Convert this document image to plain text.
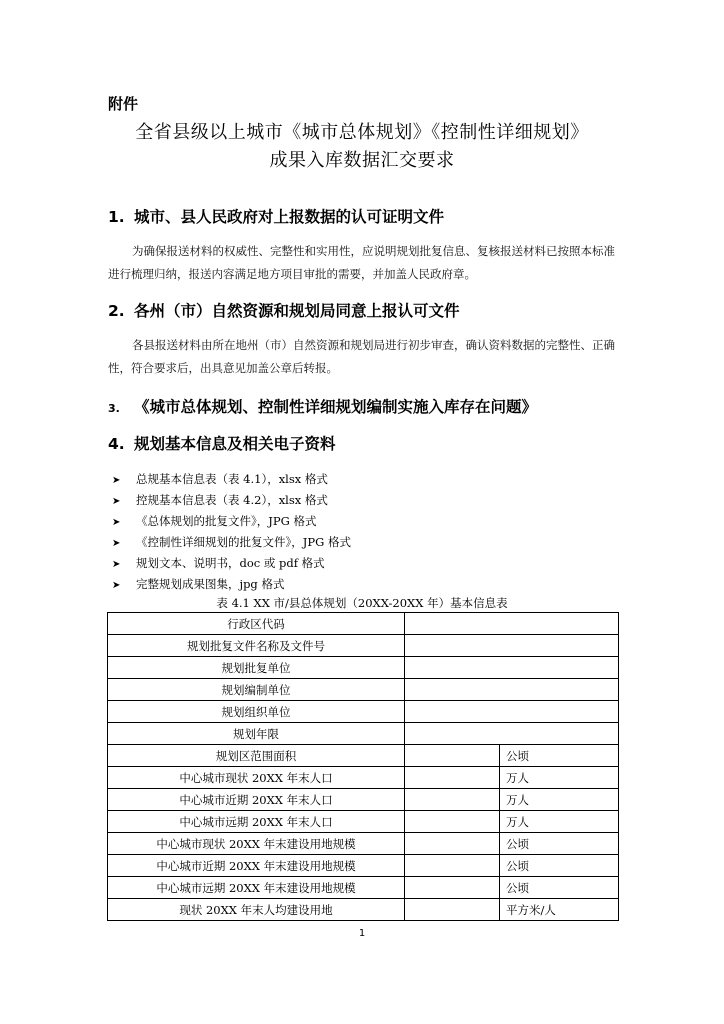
附件
全省县级以上城市《城市总体规划》《控制性详细规划》
成果入库数据汇交要求
1. 城市、县人民政府对上报数据的认可证明文件
为确保报送材料的权威性、完整性和实用性，应说明规划批复信息、复核报送材料已按照本标准进行梳理归纳，报送内容满足地方项目审批的需要，并加盖人民政府章。
2. 各州（市）自然资源和规划局同意上报认可文件
各县报送材料由所在地州（市）自然资源和规划局进行初步审查，确认资料数据的完整性、正确性，符合要求后，出具意见加盖公章后转报。
3. 《城市总体规划、控制性详细规划编制实施入库存在问题》
4. 规划基本信息及相关电子资料
➤ 总规基本信息表（表 4.1），xlsx 格式
➤ 控规基本信息表（表 4.2），xlsx 格式
➤ 《总体规划的批复文件》，JPG 格式
➤ 《控制性详细规划的批复文件》，JPG 格式
➤ 规划文本、说明书，doc 或 pdf 格式
➤ 完整规划成果图集，jpg 格式
表 4.1 XX 市/县总体规划（20XX-20XX 年）基本信息表
行政区代码		
规划批复文件名称及文件号		
规划批复单位		
规划编制单位		
规划组织单位		
规划年限		
规划区范围面积		公顷
中心城市现状 20XX 年末人口		万人
中心城市近期 20XX 年末人口		万人
中心城市远期 20XX 年末人口		万人
中心城市现状 20XX 年末建设用地规模		公顷
中心城市近期 20XX 年末建设用地规模		公顷
中心城市远期 20XX 年末建设用地规模		公顷
现状 20XX 年末人均建设用地		平方米/人
1
